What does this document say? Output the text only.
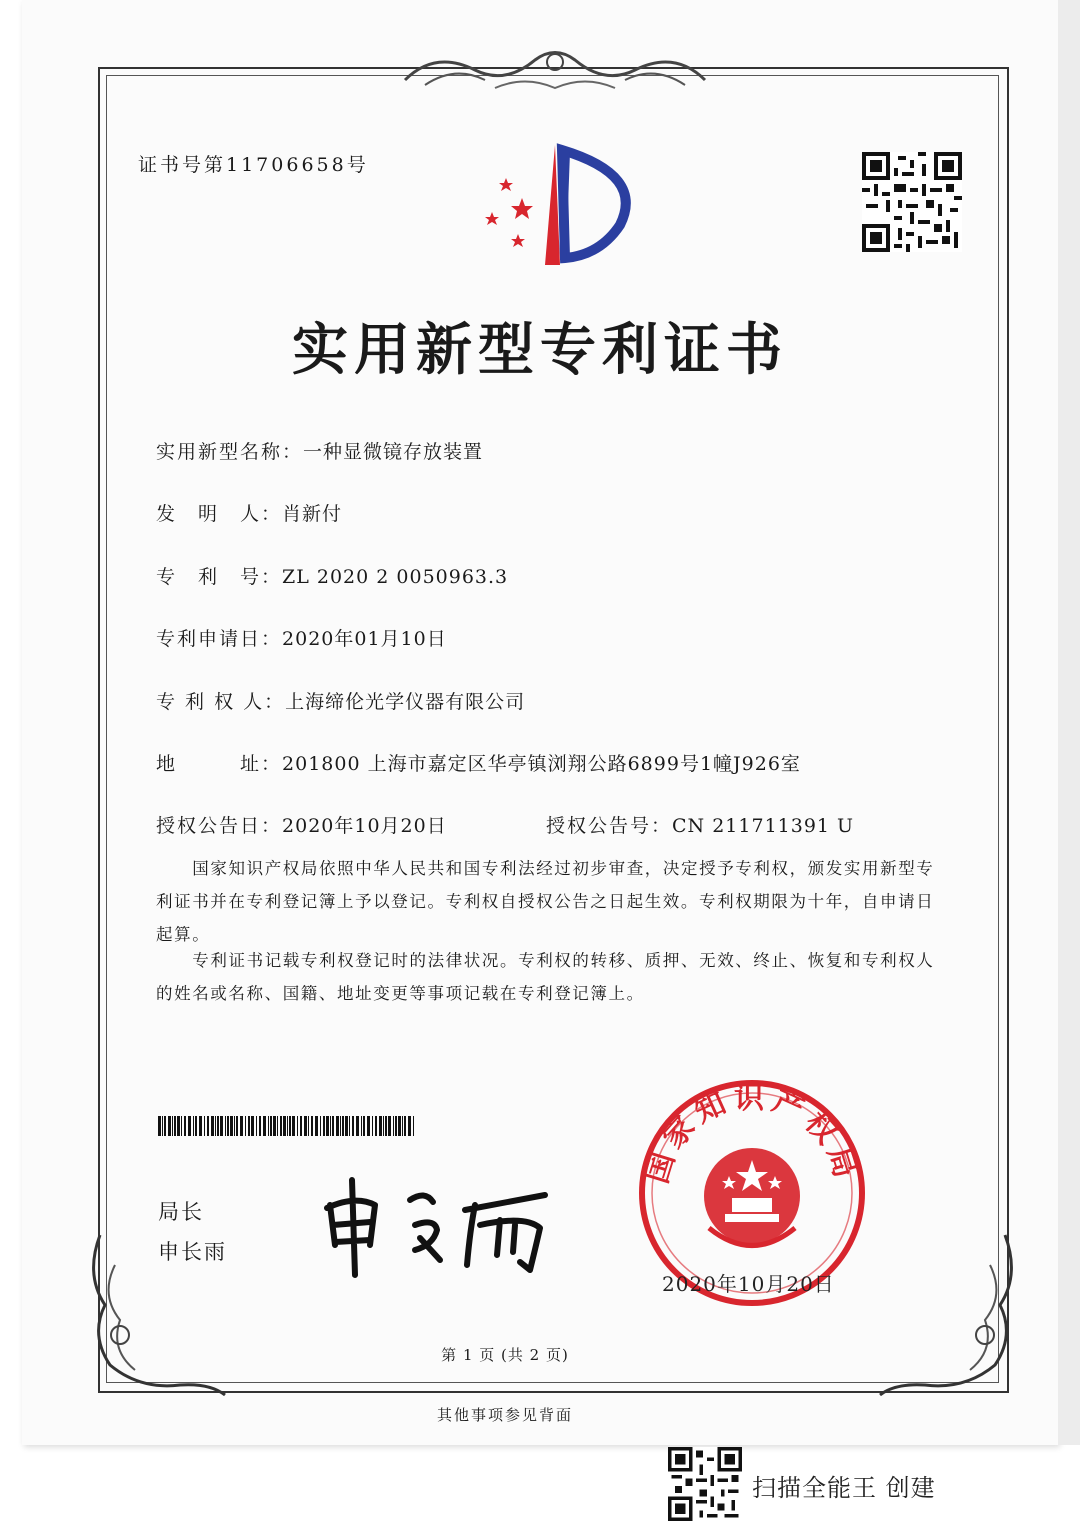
证书号第11706658号
实用新型专利证书
实用新型名称：一种显微镜存放装置
发　明　人：肖新付
专　利　号：ZL 2020 2 0050963.3
专利申请日：2020年01月10日
专 利 权 人：上海缔伦光学仪器有限公司
地　　　址：201800 上海市嘉定区华亭镇浏翔公路6899号1幢J926室
授权公告日：2020年10月20日	授权公告号：CN 211711391 U

国家知识产权局依照中华人民共和国专利法经过初步审查，决定授予专利权，颁发实用新型专利证书并在专利登记簿上予以登记。专利权自授权公告之日起生效。专利权期限为十年，自申请日起算。

专利证书记载专利权登记时的法律状况。专利权的转移、质押、无效、终止、恢复和专利权人的姓名或名称、国籍、地址变更等事项记载在专利登记簿上。

局长
申长雨
国家知识产权局
2020年10月20日
第 1 页 (共 2 页)
其他事项参见背面
扫描全能王 创建
